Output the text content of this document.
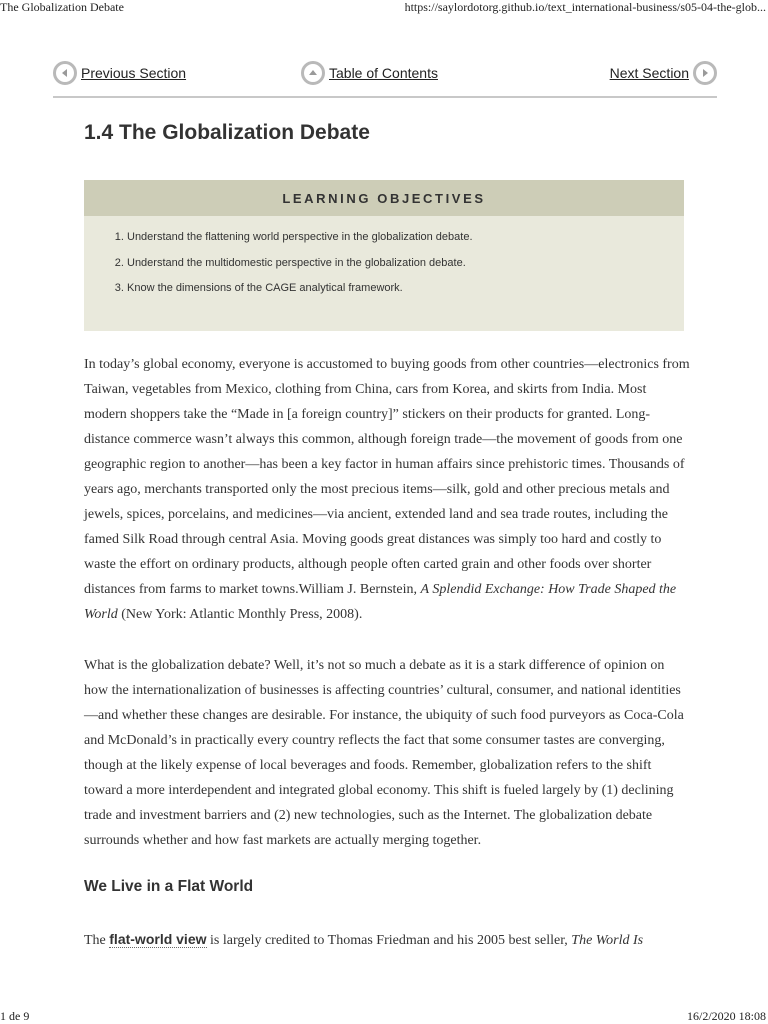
The Globalization Debate	https://saylordotorg.github.io/text_international-business/s05-04-the-glob...
Previous Section	Table of Contents	Next Section
1.4 The Globalization Debate
LEARNING OBJECTIVES
1. Understand the flattening world perspective in the globalization debate.
2. Understand the multidomestic perspective in the globalization debate.
3. Know the dimensions of the CAGE analytical framework.

In today’s global economy, everyone is accustomed to buying goods from other countries—electronics from Taiwan, vegetables from Mexico, clothing from China, cars from Korea, and skirts from India. Most modern shoppers take the “Made in [a foreign country]” stickers on their products for granted. Long-distance commerce wasn’t always this common, although foreign trade—the movement of goods from one geographic region to another—has been a key factor in human affairs since prehistoric times. Thousands of years ago, merchants transported only the most precious items—silk, gold and other precious metals and jewels, spices, porcelains, and medicines—via ancient, extended land and sea trade routes, including the famed Silk Road through central Asia. Moving goods great distances was simply too hard and costly to waste the effort on ordinary products, although people often carted grain and other foods over shorter distances from farms to market towns.William J. Bernstein, A Splendid Exchange: How Trade Shaped the World (New York: Atlantic Monthly Press, 2008).

What is the globalization debate? Well, it’s not so much a debate as it is a stark difference of opinion on how the internationalization of businesses is affecting countries’ cultural, consumer, and national identities—and whether these changes are desirable. For instance, the ubiquity of such food purveyors as Coca-Cola and McDonald’s in practically every country reflects the fact that some consumer tastes are converging, though at the likely expense of local beverages and foods. Remember, globalization refers to the shift toward a more interdependent and integrated global economy. This shift is fueled largely by (1) declining trade and investment barriers and (2) new technologies, such as the Internet. The globalization debate surrounds whether and how fast markets are actually merging together.

We Live in a Flat World

The flat-world view is largely credited to Thomas Friedman and his 2005 best seller, The World Is

1 de 9	16/2/2020 18:08
